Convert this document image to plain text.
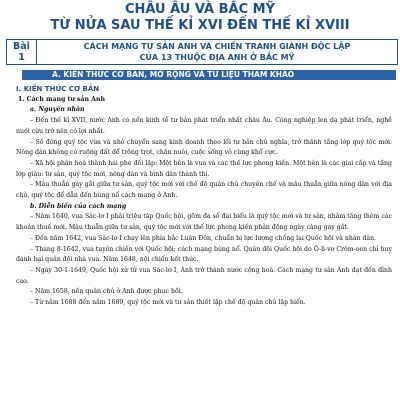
CHÂU ÂU VÀ BẮC MỸ
TỪ NỬA SAU THẾ KỈ XVI ĐẾN THẾ KỈ XVIII
Bài
1
CÁCH MẠNG TƯ SẢN ANH VÀ CHIẾN TRANH GIÀNH ĐỘC LẬP
CỦA 13 THUỘC ĐỊA ANH Ở BẮC MỸ
A. KIẾN THỨC CƠ BẢN, MỞ RỘNG VÀ TƯ LIỆU THAM KHẢO

I. KIẾN THỨC CƠ BẢN

1. Cách mạng tư sản Anh

a. Nguyên nhân

– Đến thế kỉ XVII, nước Anh có nền kinh tế tư bản phát triển nhất châu Âu. Công nghiệp len dạ phát triển, nghề nuôi cừu trở nên có lợi nhất.

– Số đông quý tộc vừa và nhỏ chuyển sang kinh doanh theo lối tư bản chủ nghĩa, trở thành tầng lớp quý tộc mới. Nông dân không có ruộng đất để trồng trọt, chăn nuôi, cuộc sống vô cùng khổ cực.

– Xã hội phân hoá thành hai phe đối lập: Một bên là vua và các thế lực phong kiến. Một bên là các giai cấp và tầng lớp giàu: tư sản, quý tộc mới, nông dân và bình dân thành thị.

– Mâu thuẫn gay gắt giữa tư sản, quý tộc mới với chế độ quân chủ chuyên chế và mâu thuẫn giữa nông dân với địa chủ, quý tộc để dẫn đến bùng nổ cách mạng ở Anh.

b. Diễn biến của cách mạng

– Năm 1640, vua Sác-lơ I phải triệu tập Quốc hội, gồm đa số đại biểu là quý tộc mới và tư sản, nhằm tăng thêm các khoản thuế mới. Mâu thuẫn giữa tư sản, quý tộc mới với thế lực phong kiến phản động ngày càng gay gắt.

– Đến năm 1642, vua Sác-lơ I chạy lên phía bắc Luân Đôn, chuẩn bị lực lượng chống lại Quốc hội và nhân dân.

– Tháng 8-1642, vua tuyên chiến với Quốc hội; cách mạng bùng nổ. Quân đội Quốc hội do Ô-li-vơ Crôm-oen chỉ huy đánh bại quân đội nhà vua. Năm 1648, nội chiến kết thúc.

– Ngày 30-1-1649, Quốc hội xử tử vua Sác-lơ I, Anh trở thành nước cộng hoà. Cách mạng tư sản Anh đạt đến đỉnh cao.

– Năm 1658, nền quân chủ ở Anh được phục hồi.

– Từ năm 1688 đến năm 1689, quý tộc mới và tư sản thiết lập chế độ quân chủ lập hiến.
